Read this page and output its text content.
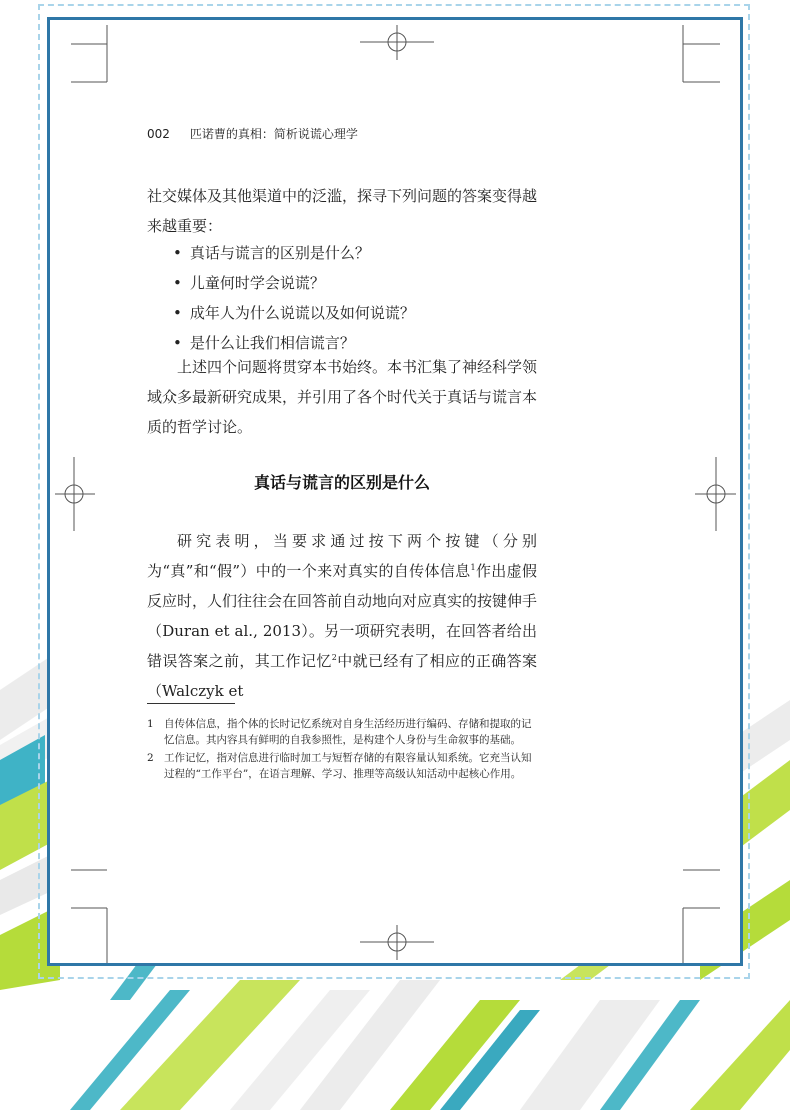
002 匹诺曹的真相：简析说谎心理学

社交媒体及其他渠道中的泛滥，探寻下列问题的答案变得越来越重要：

• 真话与谎言的区别是什么？
• 儿童何时学会说谎？
• 成年人为什么说谎以及如何说谎？
• 是什么让我们相信谎言？

上述四个问题将贯穿本书始终。本书汇集了神经科学领域众多最新研究成果，并引用了各个时代关于真话与谎言本质的哲学讨论。

真话与谎言的区别是什么

研究表明，当要求通过按下两个按键（分别为“真”和“假”）中的一个来对真实的自传体信息$^1$作出虚假反应时，人们往往会在回答前自动地向对应真实的按键伸手（Duran et al., 2013）。另一项研究表明，在回答者给出错误答案之前，其工作记忆$^2$中就已经有了相应的正确答案（Walczyk et

1 自传体信息，指个体的长时记忆系统对自身生活经历进行编码、存储和提取的记忆信息。其内容具有鲜明的自我参照性，是构建个人身份与生命叙事的基础。
2 工作记忆，指对信息进行临时加工与短暂存储的有限容量认知系统。它充当认知过程的“工作平台”，在语言理解、学习、推理等高级认知活动中起核心作用。
